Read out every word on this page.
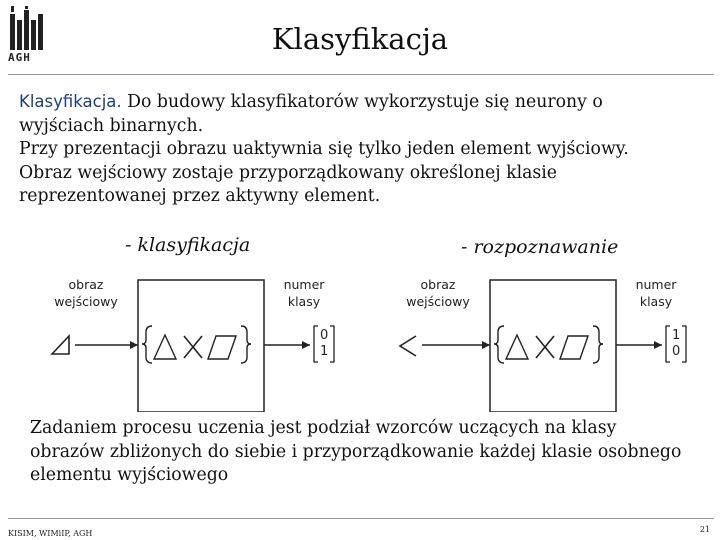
AGH
Klasyfikacja
Klasyfikacja. Do budowy klasyfikatorów wykorzystuje się neurony o
wyjściach binarnych.
Przy prezentacji obrazu uaktywnia się tylko jeden element wyjściowy.
Obraz wejściowy zostaje przyporządkowany określonej klasie
reprezentowanej przez aktywny element.
- klasyfikacja	- rozpoznawanie
obraz
wejściowy
numer
klasy
0
1
obraz
wejściowy
numer
klasy
1
0
Zadaniem procesu uczenia jest podział wzorców uczących na klasy
obrazów zbliżonych do siebie i przyporządkowanie każdej klasie osobnego
elementu wyjściowego
KISIM, WIMiIP, AGH	21
